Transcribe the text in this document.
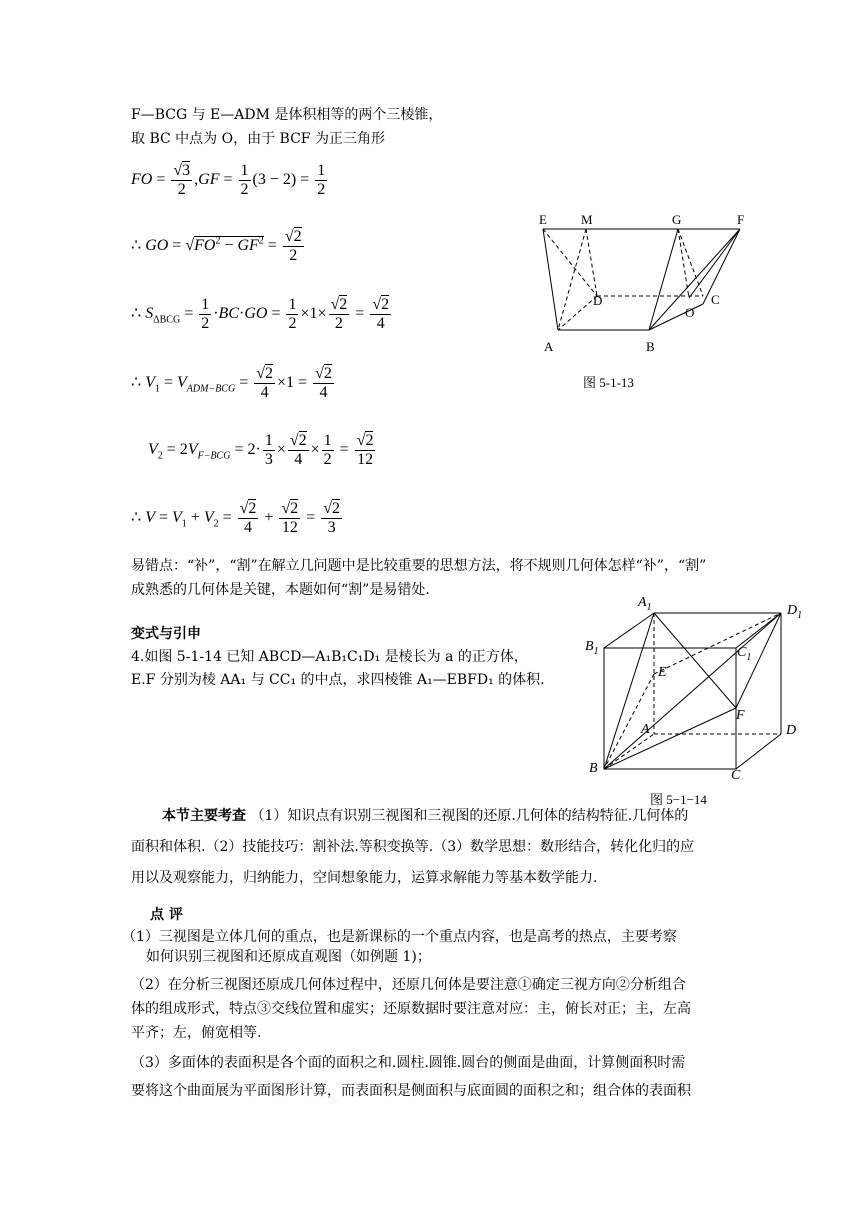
F—BCG 与 E—ADM 是体积相等的两个三棱锥，
取 BC 中点为 O，由于 BCF 为正三角形
FO = $\frac{√3}{2} ,GF = \frac{1}{2} (3 - 2) = \frac{1}{2}$
∴ GO = $√FO^2 - GF^2 = \frac{√2}{2}$
∴ $S_{\Delta BCG} = \frac{1}{2} \cdot BC\cdot GO = \frac{1}{2} \times 1\times \frac{√2}{2} = \frac{√2}{4}$
∴ $V_1 = V_{ADM-BCG} = \frac{√2}{4} \times 1 = \frac{√2}{4}$
$V_2 = 2V_{F-BCG} = 2\cdot \frac{1}{3} \times \frac{√2}{4} \times \frac{1}{2} = \frac{√2}{12}$
∴ $V = V_1 + V_2 = \frac{√2}{4} + \frac{√2}{12} = \frac{√2}{3}$
E	M	G	F
D	C
O
A	B
图 5-1-13
易错点：“补”，“割”在解立几问题中是比较重要的思想方法，将不规则几何体怎样“补”，“割”
成熟悉的几何体是关键，本题如何“割”是易错处.
变式与引申
4.如图 5-1-14 已知 ABCD—A₁B₁C₁D₁ 是棱长为 a 的正方体，
E.F 分别为棱 AA₁ 与 CC₁ 的中点，求四棱锥 A₁—EBFD₁ 的体积.
$A_1$	$D_1$
$B_1$	$C_1$
E
F
A	D
B	C
图 5−1−14
本节主要考查 （1）知识点有识别三视图和三视图的还原.几何体的结构特征.几何体的
面积和体积.（2）技能技巧：割补法.等积变换等.（3）数学思想：数形结合，转化化归的应
用以及观察能力，归纳能力，空间想象能力，运算求解能力等基本数学能力.
点 评
（1）三视图是立体几何的重点，也是新课标的一个重点内容，也是高考的热点，主要考察
如何识别三视图和还原成直观图（如例题 1)；
（2）在分析三视图还原成几何体过程中，还原几何体是要注意①确定三视方向②分析组合
体的组成形式，特点③交线位置和虚实；还原数据时要注意对应：主，俯长对正；主，左高
平齐；左，俯宽相等.
（3）多面体的表面积是各个面的面积之和.圆柱.圆锥.圆台的侧面是曲面，计算侧面积时需
要将这个曲面展为平面图形计算，而表面积是侧面积与底面圆的面积之和；组合体的表面积
